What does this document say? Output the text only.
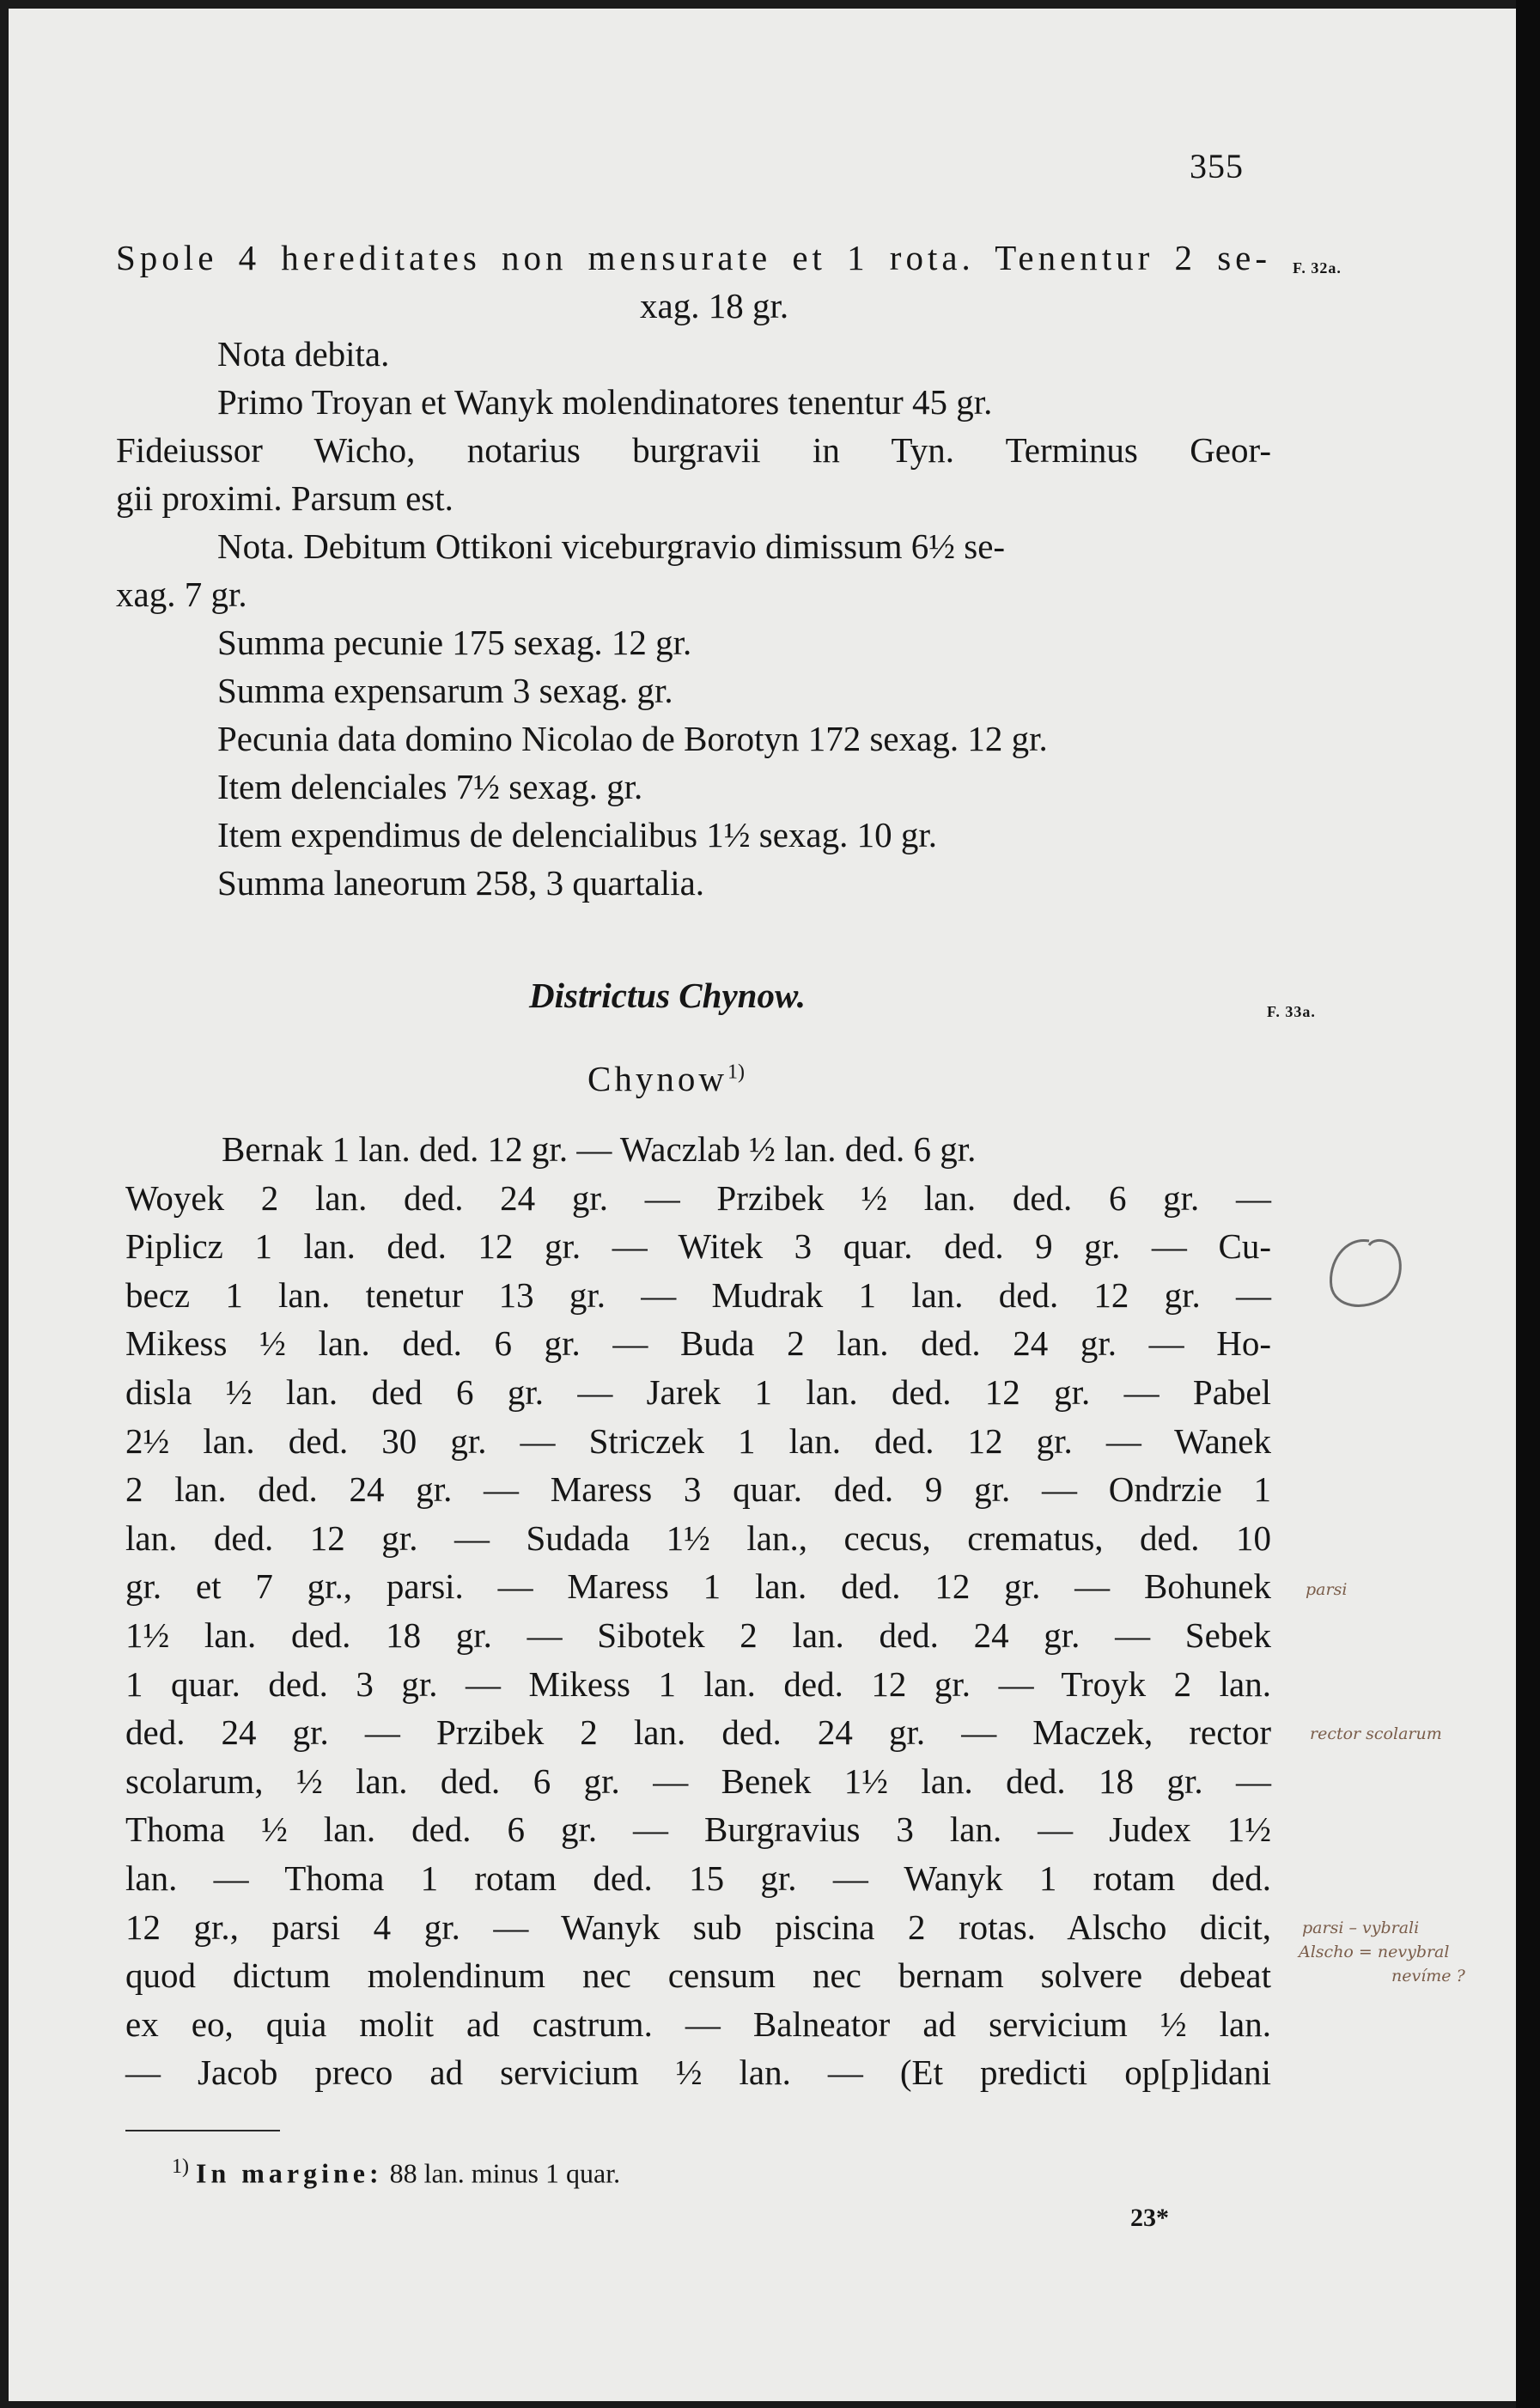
355
Spole 4 hereditates non mensurate et 1 rota. Tenentur 2 se-
xag. 18 gr.
Nota debita.
Primo Troyan et Wanyk molendinatores tenentur 45 gr.
Fideiussor Wicho, notarius burgravii in Tyn. Terminus Geor-
gii proximi. Parsum est.
Nota. Debitum Ottikoni viceburgravio dimissum 6½ se-
xag. 7 gr.
Summa pecunie 175 sexag. 12 gr.
Summa expensarum 3 sexag. gr.
Pecunia data domino Nicolao de Borotyn 172 sexag. 12 gr.
Item delenciales 7½ sexag. gr.
Item expendimus de delencialibus 1½ sexag. 10 gr.
Summa laneorum 258, 3 quartalia.
F. 32a.
Districtus Chynow.	F. 33a.
Chynow$^{1)}$
Bernak 1 lan. ded. 12 gr. — Waczlab ½ lan. ded. 6 gr.
Woyek 2 lan. ded. 24 gr. — Przibek ½ lan. ded. 6 gr. —
Piplicz 1 lan. ded. 12 gr. — Witek 3 quar. ded. 9 gr. — Cu-
becz 1 lan. tenetur 13 gr. — Mudrak 1 lan. ded. 12 gr. —
Mikess ½ lan. ded. 6 gr. — Buda 2 lan. ded. 24 gr. — Ho-
disla ½ lan. ded 6 gr. — Jarek 1 lan. ded. 12 gr. — Pabel
2½ lan. ded. 30 gr. — Striczek 1 lan. ded. 12 gr. — Wanek
2 lan. ded. 24 gr. — Maress 3 quar. ded. 9 gr. — Ondrzie 1
lan. ded. 12 gr. — Sudada 1½ lan., cecus, crematus, ded. 10
gr. et 7 gr., parsi. — Maress 1 lan. ded. 12 gr. — Bohunek
1½ lan. ded. 18 gr. — Sibotek 2 lan. ded. 24 gr. — Sebek
1 quar. ded. 3 gr. — Mikess 1 lan. ded. 12 gr. — Troyk 2 lan.
ded. 24 gr. — Przibek 2 lan. ded. 24 gr. — Maczek, rector
scolarum, ½ lan. ded. 6 gr. — Benek 1½ lan. ded. 18 gr. —
Thoma ½ lan. ded. 6 gr. — Burgravius 3 lan. — Judex 1½
lan. — Thoma 1 rotam ded. 15 gr. — Wanyk 1 rotam ded.
12 gr., parsi 4 gr. — Wanyk sub piscina 2 rotas. Alscho dicit,
quod dictum molendinum nec censum nec bernam solvere debeat
ex eo, quia molit ad castrum. — Balneator ad servicium ½ lan.
— Jacob preco ad servicium ½ lan. — (Et predicti op[p]idani
$^{1)}$ In margine: 88 lan. minus 1 quar.
23*
parsi
rector scolarum
parsi – vybrali
Alscho = nevybral
nevíme ?
